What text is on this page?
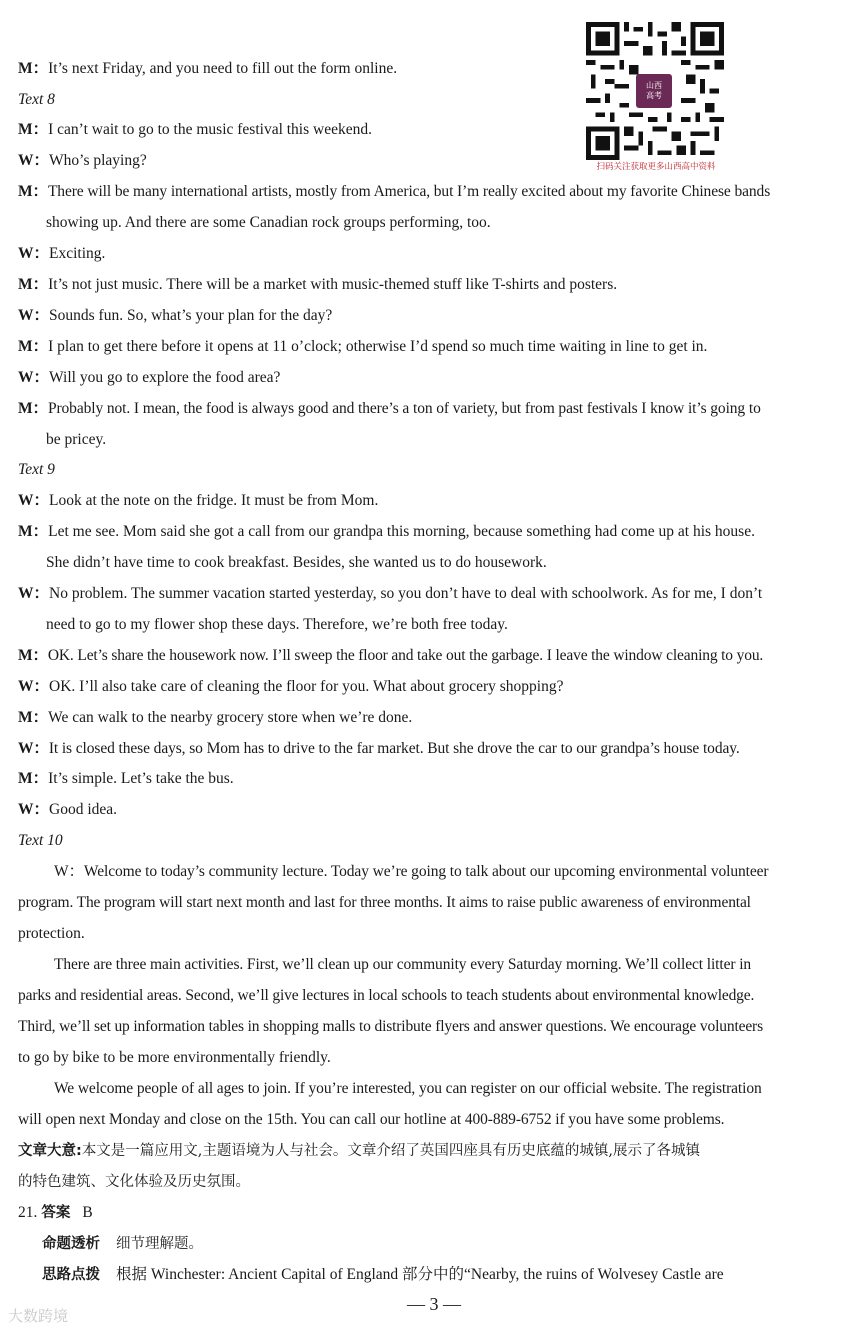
山西
高考
扫码关注获取更多山西高中资料
M：It’s next Friday, and you need to fill out the form online.
Text 8
M：I can’t wait to go to the music festival this weekend.
W：Who’s playing?
M：There will be many international artists, mostly from America, but I’m really excited about my favorite Chinese bands
showing up. And there are some Canadian rock groups performing, too.
W：Exciting.
M：It’s not just music. There will be a market with music-themed stuff like T-shirts and posters.
W：Sounds fun. So, what’s your plan for the day?
M：I plan to get there before it opens at 11 o’clock; otherwise I’d spend so much time waiting in line to get in.
W：Will you go to explore the food area?
M：Probably not. I mean, the food is always good and there’s a ton of variety, but from past festivals I know it’s going to
be pricey.
Text 9
W：Look at the note on the fridge. It must be from Mom.
M：Let me see. Mom said she got a call from our grandpa this morning, because something had come up at his house.
She didn’t have time to cook breakfast. Besides, she wanted us to do housework.
W：No problem. The summer vacation started yesterday, so you don’t have to deal with schoolwork. As for me, I don’t
need to go to my flower shop these days. Therefore, we’re both free today.
M：OK. Let’s share the housework now. I’ll sweep the floor and take out the garbage. I leave the window cleaning to you.
W：OK. I’ll also take care of cleaning the floor for you. What about grocery shopping?
M：We can walk to the nearby grocery store when we’re done.
W：It is closed these days, so Mom has to drive to the far market. But she drove the car to our grandpa’s house today.
M：It’s simple. Let’s take the bus.
W：Good idea.
Text 10
W：Welcome to today’s community lecture. Today we’re going to talk about our upcoming environmental volunteer
program. The program will start next month and last for three months. It aims to raise public awareness of environmental
protection.
There are three main activities. First, we’ll clean up our community every Saturday morning. We’ll collect litter in
parks and residential areas. Second, we’ll give lectures in local schools to teach students about environmental knowledge.
Third, we’ll set up information tables in shopping malls to distribute flyers and answer questions. We encourage volunteers
to go by bike to be more environmentally friendly.
We welcome people of all ages to join. If you’re interested, you can register on our official website. The registration
will open next Monday and close on the 15th. You can call our hotline at 400-889-6752 if you have some problems.
文章大意:本文是一篇应用文,主题语境为人与社会。文章介绍了英国四座具有历史底蕴的城镇,展示了各城镇
的特色建筑、文化体验及历史氛围。
21. 答案 B
命题透析 细节理解题。
思路点拨 根据 Winchester: Ancient Capital of England 部分中的“Nearby, the ruins of Wolvesey Castle are
— 3 —
大数跨境
